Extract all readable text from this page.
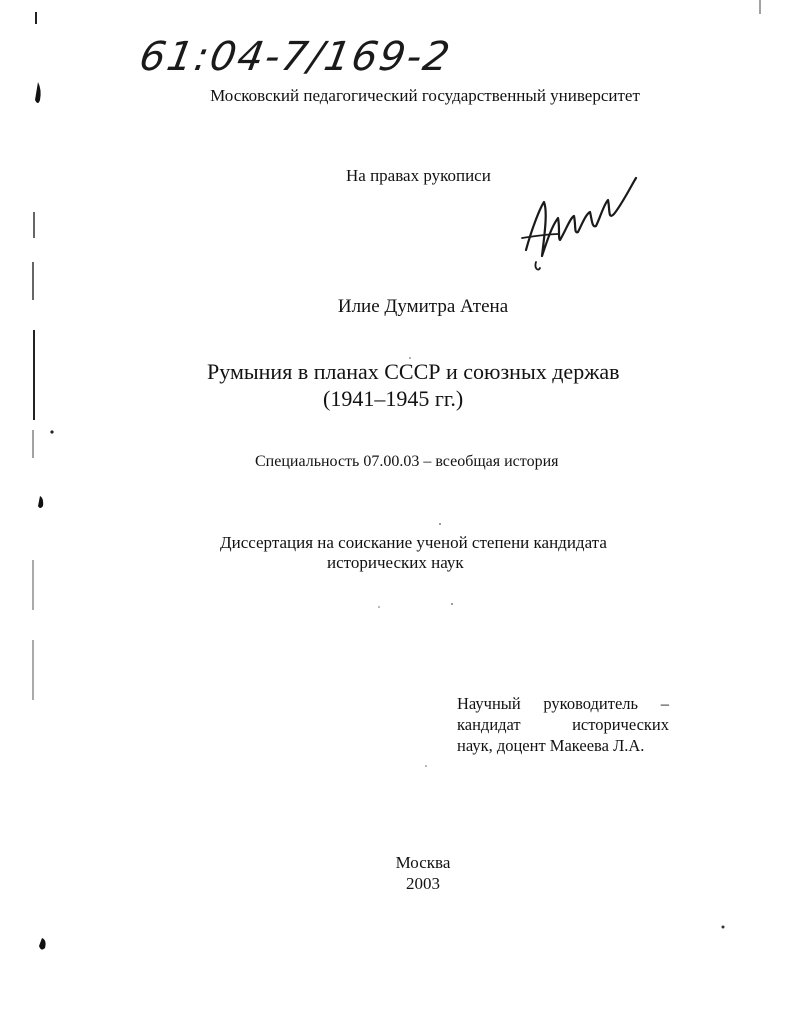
61:04-7/169-2
Московский педагогический государственный университет
На правах рукописи
Илие Думитра Атена
Румыния в планах СССР и союзных держав
(1941–1945 гг.)
Специальность 07.00.03 – всеобщая история
Диссертация на соискание ученой степени кандидата
исторических наук
Научный руководитель –
кандидат исторических
наук, доцент Макеева Л.А.
Москва
2003
